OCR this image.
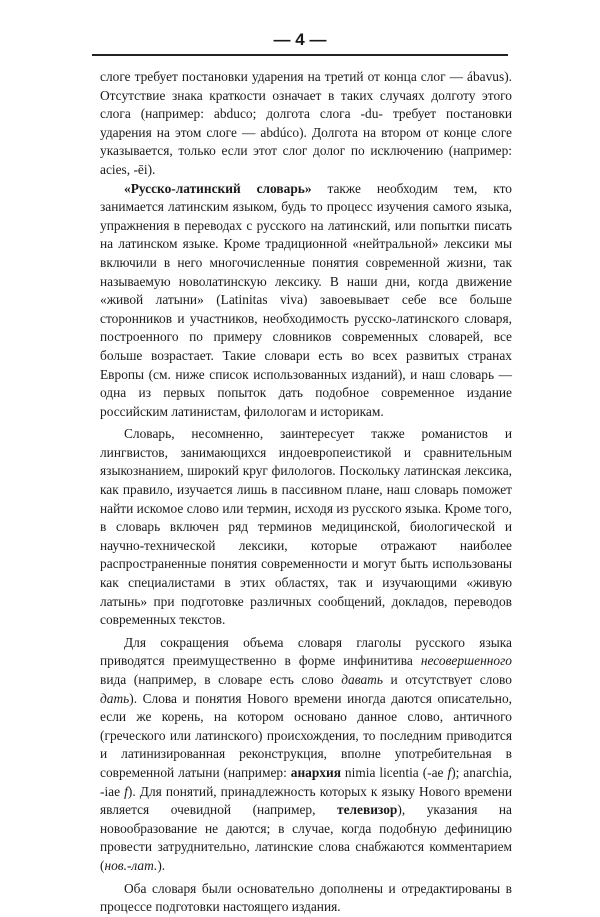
— 4 —

слоге требует постановки ударения на третий от конца слог — ábavus). Отсутствие знака краткости означает в таких случаях долготу этого слога (например: abduco; долгота слога -du- требует постановки ударения на этом слоге — abdúco). Долгота на втором от конце слоге указывается, только если этот слог долог по исключению (например: acies, -ēi).

«Русско-латинский словарь» также необходим тем, кто занимается латинским языком, будь то процесс изучения самого языка, упражнения в переводах с русского на латинский, или попытки писать на латинском языке. Кроме традиционной «нейтральной» лексики мы включили в него многочисленные понятия современной жизни, так называемую новолатинскую лексику. В наши дни, когда движение «живой латыни» (Latinitas viva) завоевывает себе все больше сторонников и участников, необходимость русско-латинского словаря, построенного по примеру словников современных словарей, все больше возрастает. Такие словари есть во всех развитых странах Европы (см. ниже список использованных изданий), и наш словарь — одна из первых попыток дать подобное современное издание российским латинистам, филологам и историкам.

Словарь, несомненно, заинтересует также романистов и лингвистов, занимающихся индоевропеистикой и сравнительным языкознанием, широкий круг филологов. Поскольку латинская лексика, как правило, изучается лишь в пассивном плане, наш словарь поможет найти искомое слово или термин, исходя из русского языка. Кроме того, в словарь включен ряд терминов медицинской, биологической и научно-технической лексики, которые отражают наиболее распространенные понятия современности и могут быть использованы как специалистами в этих областях, так и изучающими «живую латынь» при подготовке различных сообщений, докладов, переводов современных текстов.

Для сокращения объема словаря глаголы русского языка приводятся преимущественно в форме инфинитива несовершенного вида (например, в словаре есть слово давать и отсутствует слово дать). Слова и понятия Нового времени иногда даются описательно, если же корень, на котором основано данное слово, античного (греческого или латинского) происхождения, то последним приводится и латинизированная реконструкция, вполне употребительная в современной латыни (например: анархия nimia licentia (-ae f); anarchia, -iae f). Для понятий, принадлежность которых к языку Нового времени является очевидной (например, телевизор), указания на новообразование не даются; в случае, когда подобную дефиницию провести затруднительно, латинские слова снабжаются комментарием (нов.-лат.).

Оба словаря были основательно дополнены и отредактированы в процессе подготовки настоящего издания.
